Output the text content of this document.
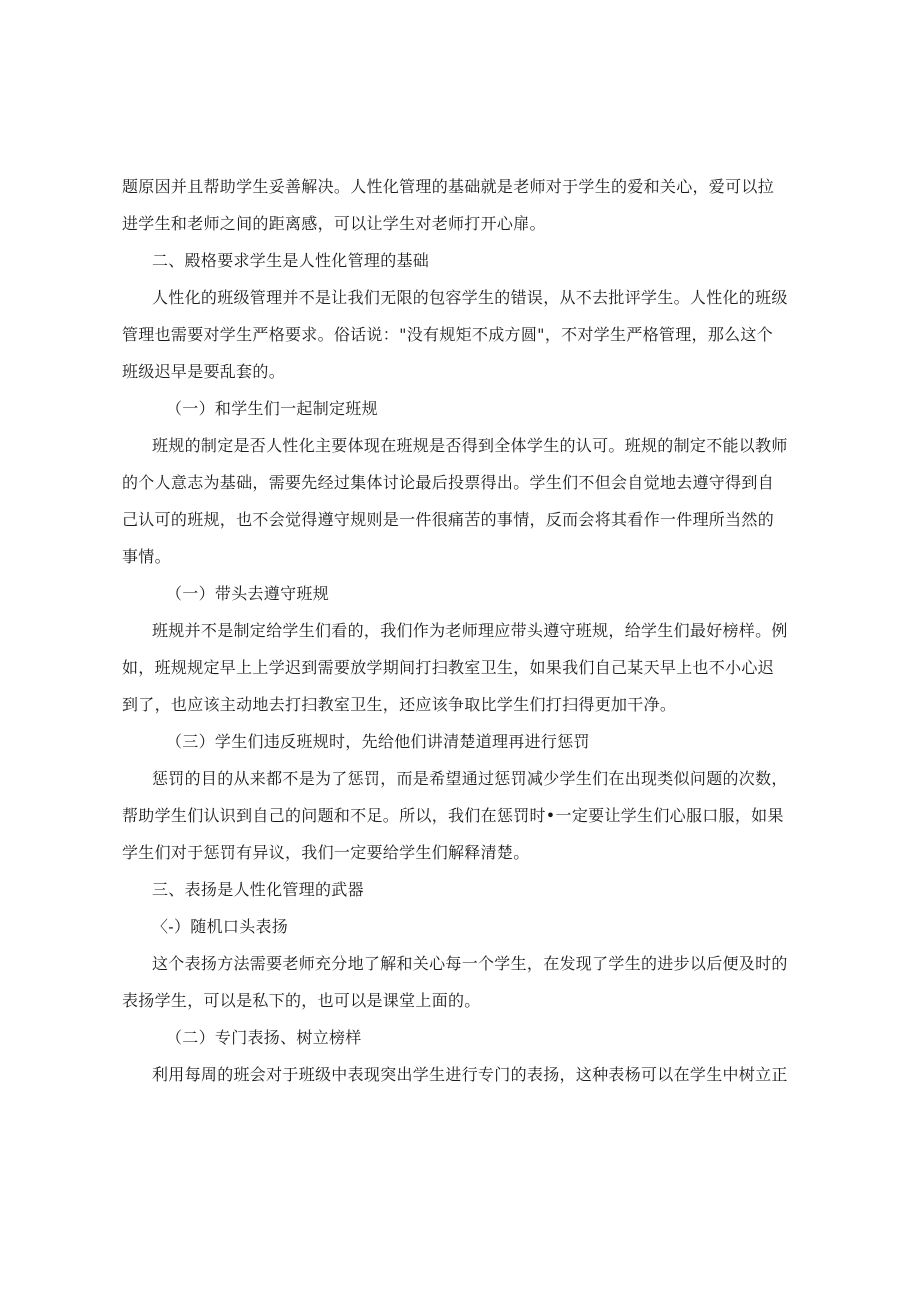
题原因并且帮助学生妥善解决。人性化管理的基础就是老师对于学生的爱和关心，爱可以拉
进学生和老师之间的距离感，可以让学生对老师打开心扉。
二、殿格要求学生是人性化管理的基础
人性化的班级管理并不是让我们无限的包容学生的错误，从不去批评学生。人性化的班级
管理也需要对学生严格要求。俗话说："没有规矩不成方圆"，不对学生严格管理，那么这个
班级迟早是要乱套的。
（一）和学生们一起制定班规
班规的制定是否人性化主要体现在班规是否得到全体学生的认可。班规的制定不能以教师
的个人意志为基础，需要先经过集体讨论最后投票得出。学生们不但会自觉地去遵守得到自
己认可的班规，也不会觉得遵守规则是一件很痛苦的事情，反而会将其看作一件理所当然的
事情。
（一）带头去遵守班规
班规并不是制定给学生们看的，我们作为老师理应带头遵守班规，给学生们最好榜样。例
如，班规规定早上上学迟到需要放学期间打扫教室卫生，如果我们自己某天早上也不小心迟
到了，也应该主动地去打扫教室卫生，还应该争取比学生们打扫得更加干净。
（三）学生们违反班规时，先给他们讲清楚道理再进行惩罚
惩罚的目的从来都不是为了惩罚，而是希望通过惩罚减少学生们在出现类似问题的次数，
帮助学生们认识到自己的问题和不足。所以，我们在惩罚时•一定要让学生们心服口服，如果
学生们对于惩罚有异议，我们一定要给学生们解释清楚。
三、表扬是人性化管理的武器
〈-）随机口头表扬
这个表扬方法需要老师充分地了解和关心每一个学生，在发现了学生的进步以后便及时的
表扬学生，可以是私下的，也可以是课堂上面的。
（二）专门表扬、树立榜样
利用每周的班会对于班级中表现突出学生进行专门的表扬，这种表杨可以在学生中树立正
